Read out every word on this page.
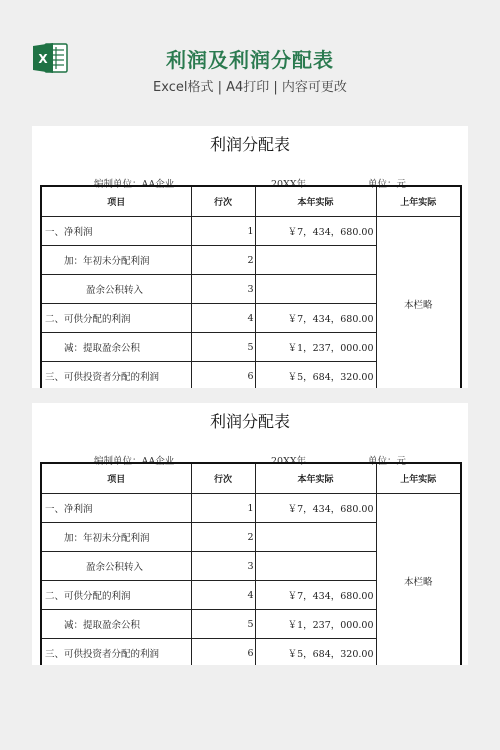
X	利润及利润分配表
Excel格式 | A4打印 | 内容可更改
利润分配表
编制单位：AA企业	20XX年	单位：元
项目	行次	本年实际	上年实际
一、净利润	1	￥7，434，680.00	本栏略
加：年初未分配利润	2		
盈余公积转入	3		
二、可供分配的利润	4	￥7，434，680.00	
减：提取盈余公积	5	￥1，237，000.00	
三、可供投资者分配的利润	6	￥5，684，320.00	
利润分配表
编制单位：AA企业	20XX年	单位：元
项目	行次	本年实际	上年实际
一、净利润	1	￥7，434，680.00	本栏略
加：年初未分配利润	2		
盈余公积转入	3		
二、可供分配的利润	4	￥7，434，680.00	
减：提取盈余公积	5	￥1，237，000.00	
三、可供投资者分配的利润	6	￥5，684，320.00	
